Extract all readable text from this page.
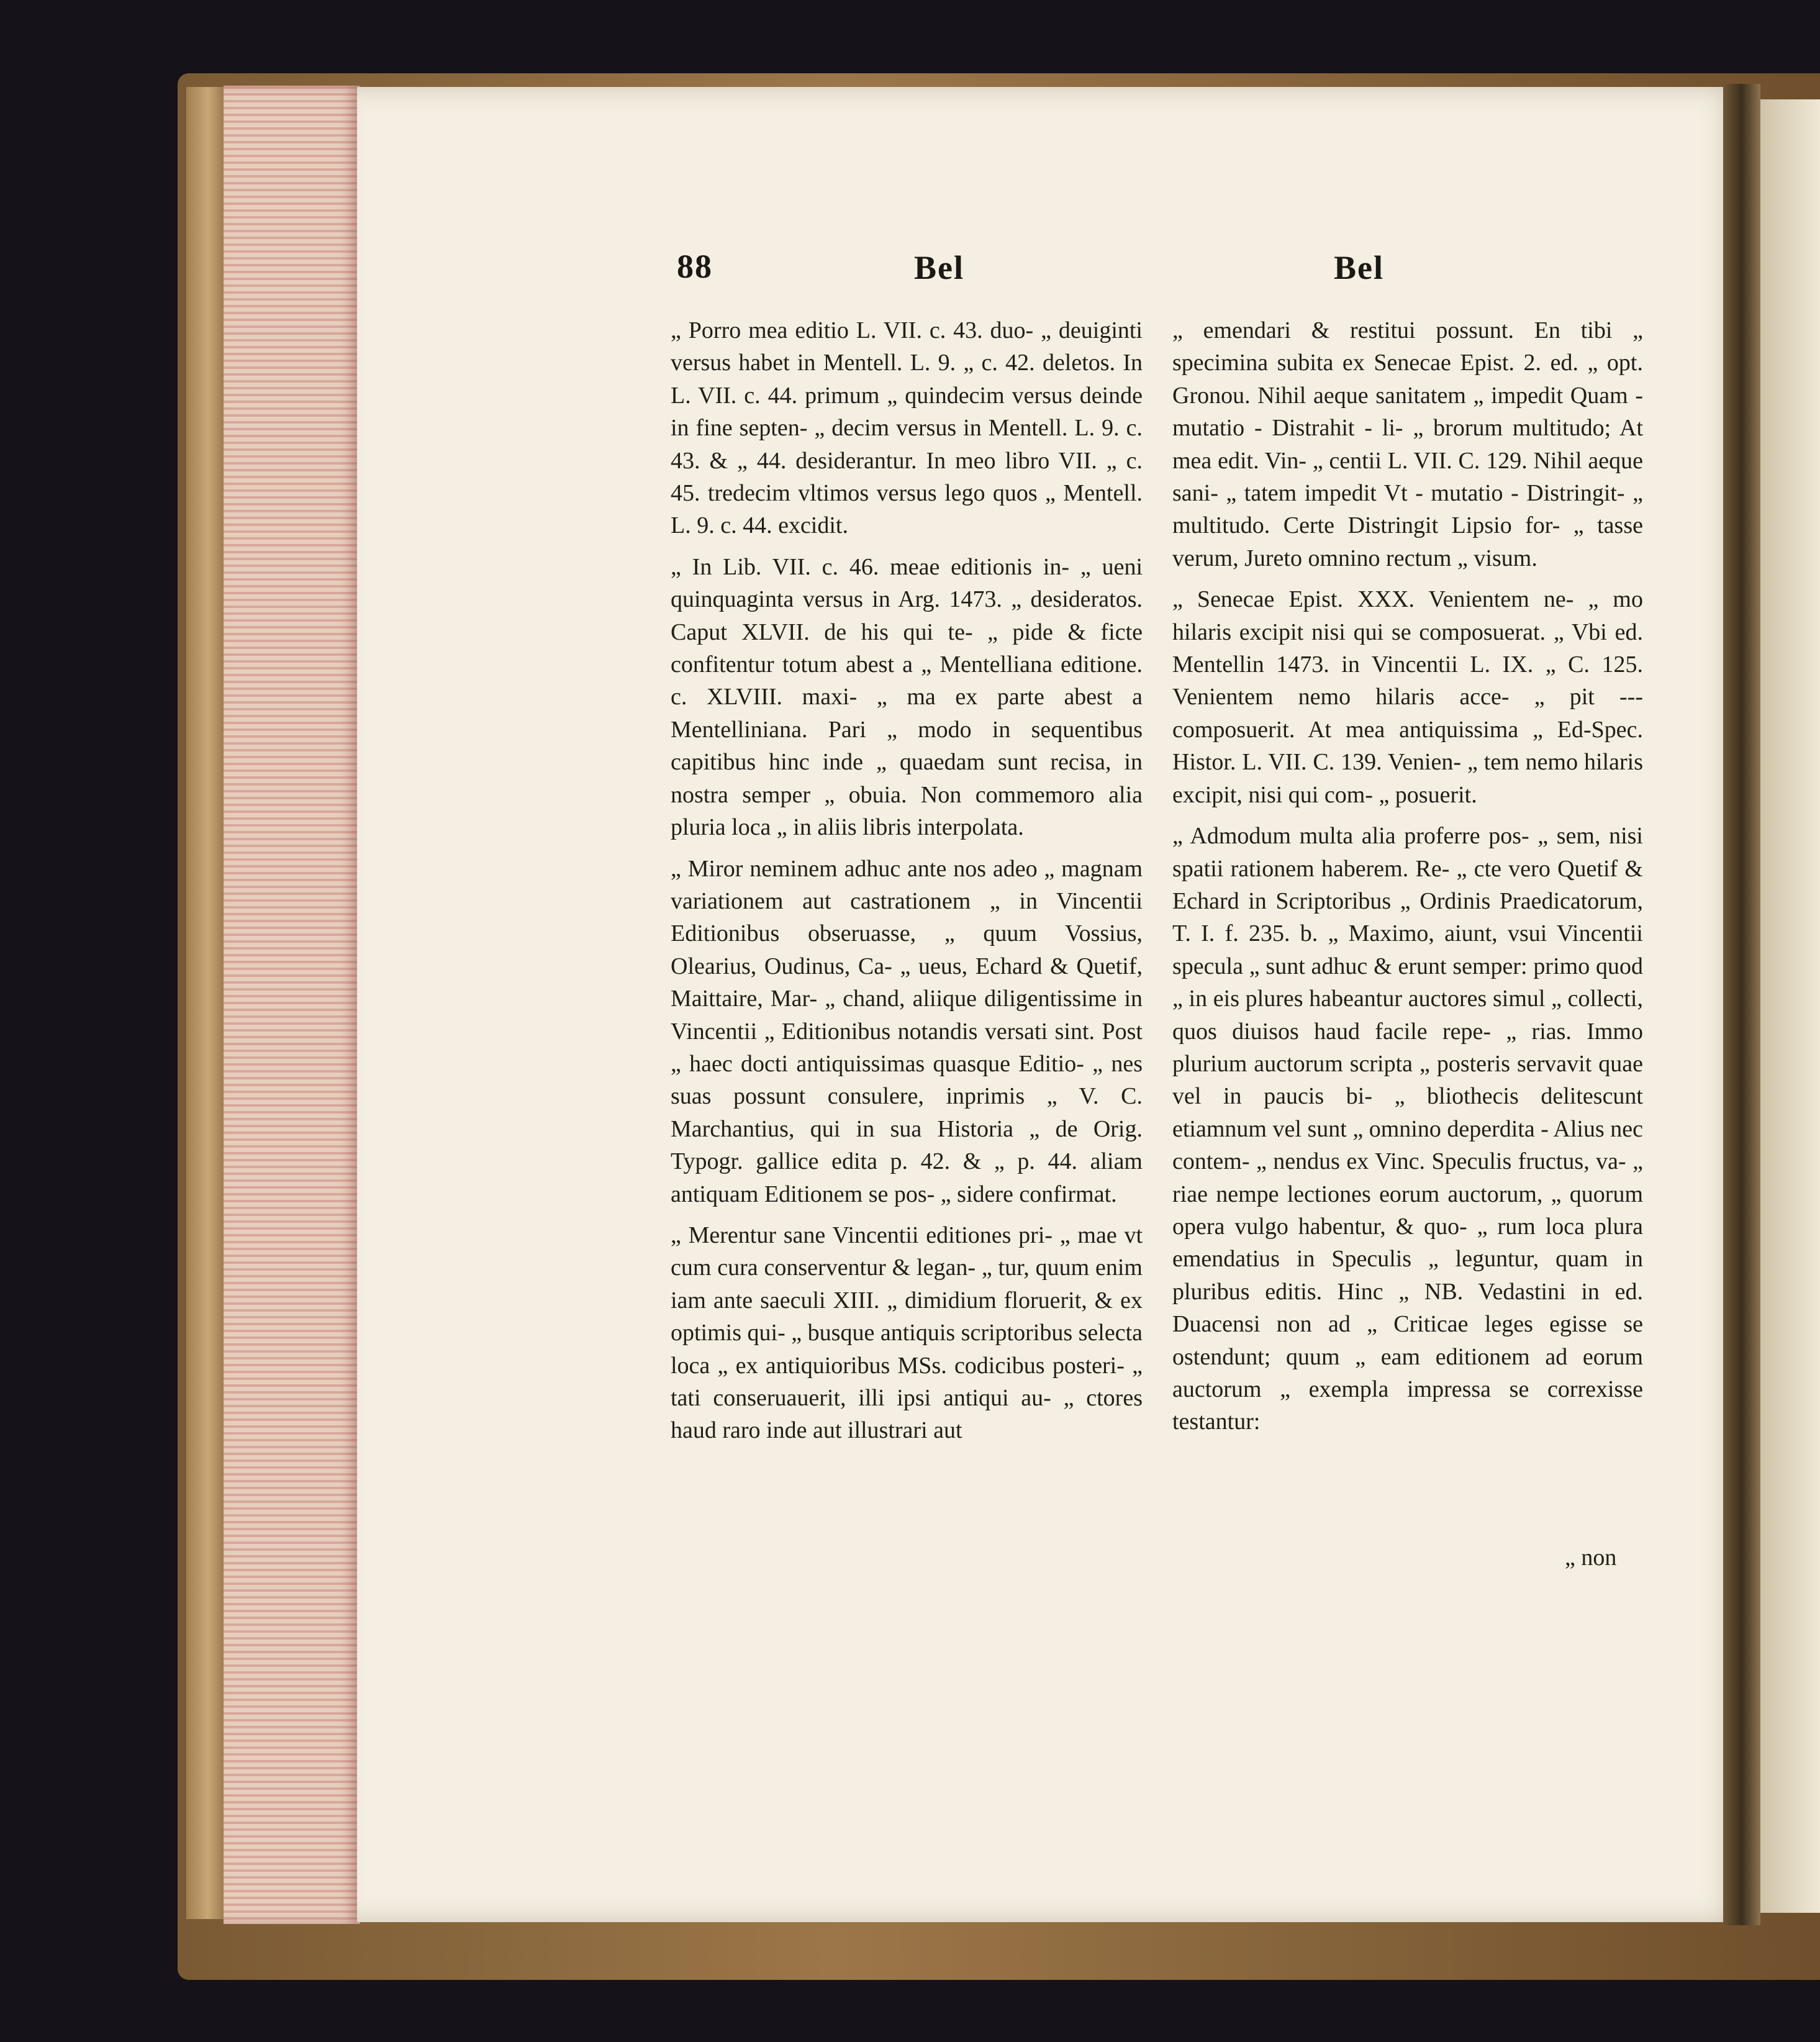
88	Bel	Bel

„ Porro mea editio L. VII. c. 43. duo- „ deuiginti versus habet in Mentell. L. 9. „ c. 42. deletos. In L. VII. c. 44. primum „ quindecim versus deinde in fine septen- „ decim versus in Mentell. L. 9. c. 43. & „ 44. desiderantur. In meo libro VII. „ c. 45. tredecim vltimos versus lego quos „ Mentell. L. 9. c. 44. excidit.

„ In Lib. VII. c. 46. meae editionis in- „ ueni quinquaginta versus in Arg. 1473. „ desideratos. Caput XLVII. de his qui te- „ pide & ficte confitentur totum abest a „ Mentelliana editione. c. XLVIII. maxi- „ ma ex parte abest a Mentelliniana. Pari „ modo in sequentibus capitibus hinc inde „ quaedam sunt recisa, in nostra semper „ obuia. Non commemoro alia pluria loca „ in aliis libris interpolata.

„ Miror neminem adhuc ante nos adeo „ magnam variationem aut castrationem „ in Vincentii Editionibus obseruasse, „ quum Vossius, Olearius, Oudinus, Ca- „ ueus, Echard & Quetif, Maittaire, Mar- „ chand, aliique diligentissime in Vincentii „ Editionibus notandis versati sint. Post „ haec docti antiquissimas quasque Editio- „ nes suas possunt consulere, inprimis „ V. C. Marchantius, qui in sua Historia „ de Orig. Typogr. gallice edita p. 42. & „ p. 44. aliam antiquam Editionem se pos- „ sidere confirmat.

„ Merentur sane Vincentii editiones pri- „ mae vt cum cura conserventur & legan- „ tur, quum enim iam ante saeculi XIII. „ dimidium floruerit, & ex optimis qui- „ busque antiquis scriptoribus selecta loca „ ex antiquioribus MSs. codicibus posteri- „ tati conseruauerit, illi ipsi antiqui au- „ ctores haud raro inde aut illustrari aut

„ emendari & restitui possunt. En tibi „ specimina subita ex Senecae Epist. 2. ed. „ opt. Gronou. Nihil aeque sanitatem „ impedit Quam - mutatio - Distrahit - li- „ brorum multitudo; At mea edit. Vin- „ centii L. VII. C. 129. Nihil aeque sani- „ tatem impedit Vt - mutatio - Distringit- „ multitudo. Certe Distringit Lipsio for- „ tasse verum, Jureto omnino rectum „ visum.

„ Senecae Epist. XXX. Venientem ne- „ mo hilaris excipit nisi qui se composuerat. „ Vbi ed. Mentellin 1473. in Vincentii L. IX. „ C. 125. Venientem nemo hilaris acce- „ pit --- composuerit. At mea antiquissima „ Ed-Spec. Histor. L. VII. C. 139. Venien- „ tem nemo hilaris excipit, nisi qui com- „ posuerit.

„ Admodum multa alia proferre pos- „ sem, nisi spatii rationem haberem. Re- „ cte vero Quetif & Echard in Scriptoribus „ Ordinis Praedicatorum, T. I. f. 235. b. „ Maximo, aiunt, vsui Vincentii specula „ sunt adhuc & erunt semper: primo quod „ in eis plures habeantur auctores simul „ collecti, quos diuisos haud facile repe- „ rias. Immo plurium auctorum scripta „ posteris servavit quae vel in paucis bi- „ bliothecis delitescunt etiamnum vel sunt „ omnino deperdita - Alius nec contem- „ nendus ex Vinc. Speculis fructus, va- „ riae nempe lectiones eorum auctorum, „ quorum opera vulgo habentur, & quo- „ rum loca plura emendatius in Speculis „ leguntur, quam in pluribus editis. Hinc „ NB. Vedastini in ed. Duacensi non ad „ Criticae leges egisse se ostendunt; quum „ eam editionem ad eorum auctorum „ exempla impressa se correxisse testantur:

„ non
